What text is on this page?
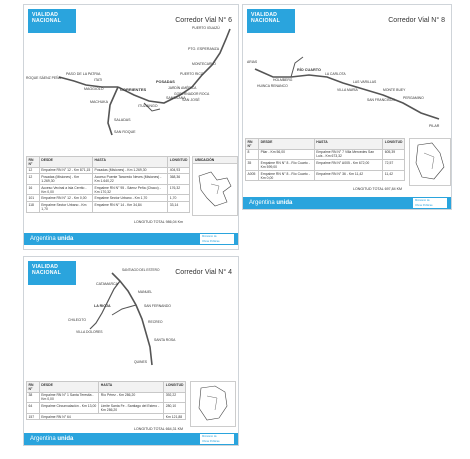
VIALIDAD
NACIONAL	Corredor Vial N° 6
PASO DE LA PATRIA
ITATI
SANTA ANA
CORRIENTES
MAGGIOLO
MACHUKA
SALADAS
SAN ROQUE
ITUZAINGO
POSADAS
SAN JOSÉ
PUERTO IGUAZÚ
PTO. ESPERANZA
MONTECARLO
PUERTO RICO
JARDÍN AMÉRICA
GOBERNADOR ROCA
ROQUE SÁENZ PEÑA
RN N°	DESDE	HASTA	LONGITUD
12	Empalme RN N° 12 - Km 871,15	Posadas (Misiones) - Km 1.269,30	404,93
12	Posadas (Misiones) - Km 1.269,30	Acceso Puente Tancredo Neves (Misiones) - Km 1.640,22	368,36
16	Acceso Vecinal a Isla Cerrito - Km 0,00	Empalme RN N° 95 - Sáenz Peña (Chaco) - Km 170,32	176,32
101	Empalme RN N° 12 - Km 0,00	Empalme Sector Urbano - Km 1,70	1,70
118	Empalme Sector Urbano - Km 1,70	Empalme RN N° 14 - Km 34,84	33,14
UBICACIÓN
LONGITUD TOTAL 986,04 Km
Argentina unida	Ministerio de
Obras Públicas
VIALIDAD
NACIONAL	Corredor Vial N° 8
ARIAS
HUINCA RENANCO
HOLMBERG
RÍO CUARTO
LA CARLOTA
VILLA MARÍA
LAS VARILLAS
SAN FRANCISCO
MONTE BUEY
PERGAMINO
PILAR
RN N°	DESDE	HASTA	LONGITUD
8	Pilar - Km 56,00	Empalme RN N° 7 Villa Mercedes San Luis - Km 673,32	605,39
35	Empalme RN N° 8 - Río Cuarto - Km 599,00	Empalme RN N° A005 - Km 672,00	72,57
A005	Empalme RN N° 8 - Río Cuarto - Km 0,00	Empalme RN N° 36 - Km 11,42	11,42
LONGITUD TOTAL 697,84 KM
Argentina unida	Ministerio de
Obras Públicas
VIALIDAD
NACIONAL	Corredor Vial N° 4
SANTIAGO DEL ESTERO
CATAMARCA
MANUEL
SAN FERNANDO
RECREO
LA RIOJA
CHILECITO
SANTA ROSA
VILLA DOLORES
QUINES
RN N°	DESDE	HASTA	LONGITUD
38	Empalme RN N° 1 Santa Teresita - Km 0,00	Río Pérez - Km 286,20	392,22
64	Empalme Circunvalación - Km 13,00	Limite Santa Fe - Santiago del Estero - Km 286,20	280,10
157	Empalme RN N° 64		Km 121,88
LONGITUD TOTAL 664,31 KM
Argentina unida	Ministerio de
Obras Públicas
